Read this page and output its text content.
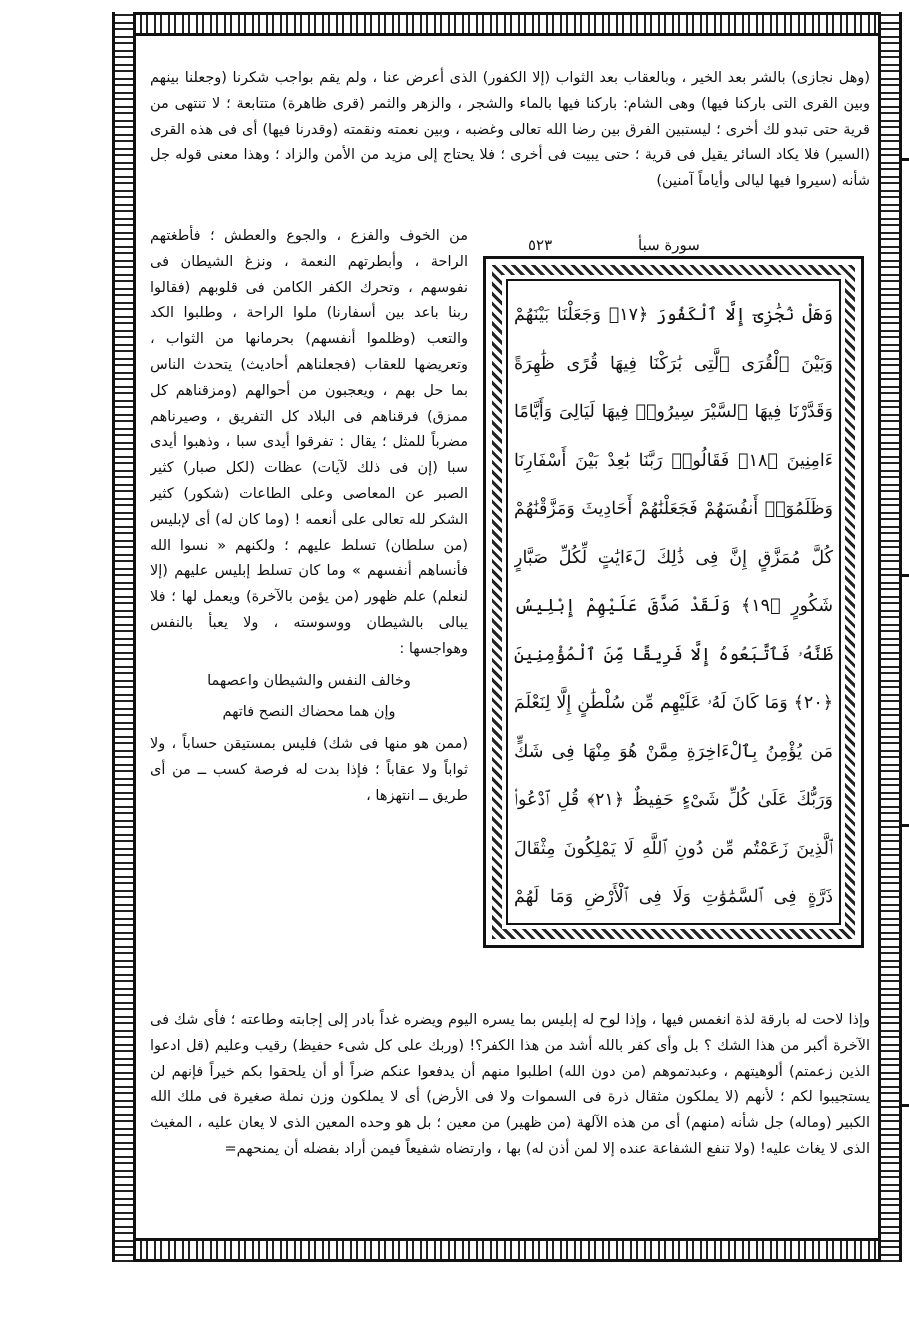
(وهل نجازى) بالشر بعد الخير ، وبالعقاب بعد الثواب (إلا الكفور) الذى أعرض عنا ، ولم يقم بواجب شكرنا (وجعلنا بينهم وبين القرى التى باركنا فيها) وهى الشام: باركنا فيها بالماء والشجر ، والزهر والثمر (قرى ظاهرة) متتابعة ؛ لا تنتهى من قرية حتى تبدو لك أخرى ؛ ليستبين الفرق بين رضا الله تعالى وغضبه ، وبين نعمته ونقمته (وقدرنا فيها) أى فى هذه القرى (السير) فلا يكاد السائر يقيل فى قرية ؛ حتى يبيت فى أخرى ؛ فلا يحتاج إلى مزيد من الأمن والزاد ؛ وهذا معنى قوله جل شأنه (سيروا فيها ليالى وأياماً آمنين)

سورة سبأ
٥٢٣
وَهَلْ نُجَٰزِىٓ إِلَّا ٱلْكَفُورَ ﴿١٧﴾ وَجَعَلْنَا بَيْنَهُمْ وَبَيْنَ ٱلْقُرَى ٱلَّتِى بَٰرَكْنَا فِيهَا قُرًى ظَٰهِرَةً وَقَدَّرْنَا فِيهَا ٱلسَّيْرَ سِيرُوا۟ فِيهَا لَيَالِىَ وَأَيَّامًا ءَامِنِينَ ﴿١٨﴾ فَقَالُوا۟ رَبَّنَا بَٰعِدْ بَيْنَ أَسْفَارِنَا وَظَلَمُوٓا۟ أَنفُسَهُمْ فَجَعَلْنَٰهُمْ أَحَادِيثَ وَمَزَّقْنَٰهُمْ كُلَّ مُمَزَّقٍ إِنَّ فِى ذَٰلِكَ لَءَايَٰتٍ لِّكُلِّ صَبَّارٍ شَكُورٍ ﴿١٩﴾ وَلَقَدْ صَدَّقَ عَلَيْهِمْ إِبْلِيسُ ظَنَّهُۥ فَٱتَّبَعُوهُ إِلَّا فَرِيقًا مِّنَ ٱلْمُؤْمِنِينَ ﴿٢٠﴾ وَمَا كَانَ لَهُۥ عَلَيْهِم مِّن سُلْطَٰنٍ إِلَّا لِنَعْلَمَ مَن يُؤْمِنُ بِٱلْءَاخِرَةِ مِمَّنْ هُوَ مِنْهَا فِى شَكٍّ وَرَبُّكَ عَلَىٰ كُلِّ شَىْءٍ حَفِيظٌ ﴿٢١﴾ قُلِ ٱدْعُوا۟ ٱلَّذِينَ زَعَمْتُم مِّن دُونِ ٱللَّهِ لَا يَمْلِكُونَ مِثْقَالَ ذَرَّةٍ فِى ٱلسَّمَٰوَٰتِ وَلَا فِى ٱلْأَرْضِ وَمَا لَهُمْ

من الخوف والفزع ، والجوع والعطش ؛ فأطغتهم الراحة ، وأبطرتهم النعمة ، ونزغ الشيطان فى نفوسهم ، وتحرك الكفر الكامن فى قلوبهم (فقالوا ربنا باعد بين أسفارنا) ملوا الراحة ، وطلبوا الكد والتعب (وظلموا أنفسهم) بحرمانها من الثواب ، وتعريضها للعقاب (فجعلناهم أحاديث) يتحدث الناس بما حل بهم ، ويعجبون من أحوالهم (ومزقناهم كل ممزق) فرقناهم فى البلاد كل التفريق ، وصيرناهم مضرباً للمثل ؛ يقال : تفرقوا أيدى سبا ، وذهبوا أيدى سبا (إن فى ذلك لآيات) عظات (لكل صبار) كثير الصبر عن المعاصى وعلى الطاعات (شكور) كثير الشكر لله تعالى على أنعمه ! (وما كان له) أى لإبليس (من سلطان) تسلط عليهم ؛ ولكنهم « نسوا الله فأنساهم أنفسهم » وما كان تسلط إبليس عليهم (إلا لنعلم) علم ظهور (من يؤمن بالآخرة) ويعمل لها ؛ فلا يبالى بالشيطان ووسوسته ، ولا يعبأ بالنفس وهواجسها :

وخالف النفس والشيطان واعصهما

وإن هما محضاك النصح فاتهم

(ممن هو منها فى شك) فليس بمستيقن حساباً ، ولا ثواباً ولا عقاباً ؛ فإذا بدت له فرصة كسب ــ من أى طريق ــ انتهزها ،

وإذا لاحت له بارقة لذة انغمس فيها ، وإذا لوح له إبليس بما يسره اليوم ويضره غداً بادر إلى إجابته وطاعته ؛ فأى شك فى الآخرة أكبر من هذا الشك ؟ بل وأى كفر بالله أشد من هذا الكفر؟! (وربك على كل شىء حفيظ) رقيب وعليم (قل ادعوا الذين زعمتم) ألوهيتهم ، وعبدتموهم (من دون الله) اطلبوا منهم أن يدفعوا عنكم ضراً أو أن يلحقوا بكم خيراً فإنهم لن يستجيبوا لكم ؛ لأنهم (لا يملكون مثقال ذرة فى السموات ولا فى الأرض) أى لا يملكون وزن نملة صغيرة فى ملك الله الكبير (وماله) جل شأنه (منهم) أى من هذه الآلهة (من ظهير) من معين ؛ بل هو وحده المعين الذى لا يعان عليه ، المغيث الذى لا يغاث عليه! (ولا تنفع الشفاعة عنده إلا لمن أذن له) بها ، وارتضاه شفيعاً فيمن أراد بفضله أن يمنحهم=
